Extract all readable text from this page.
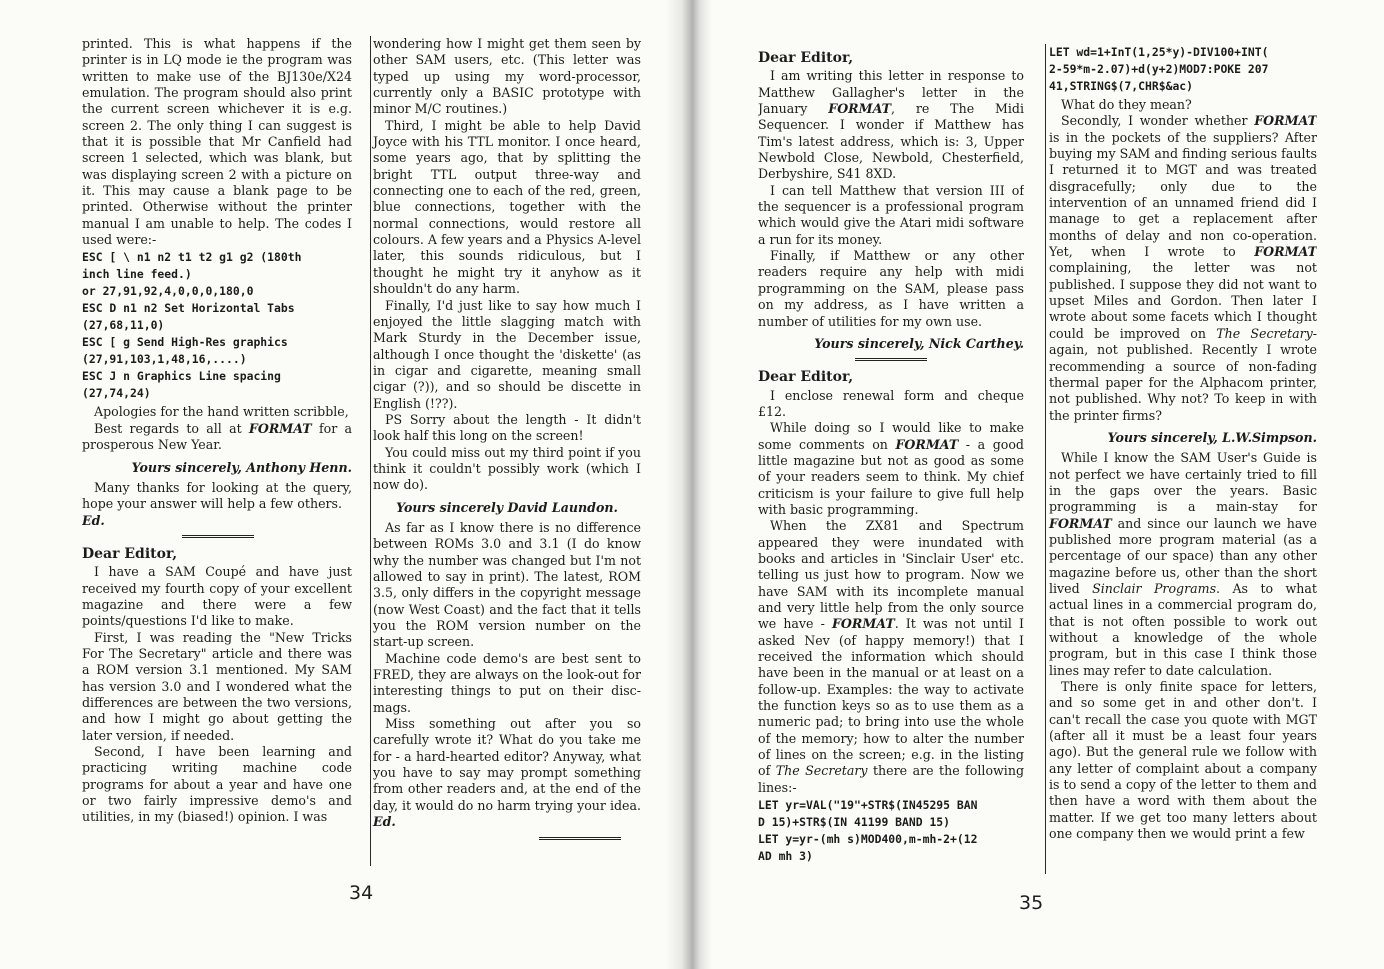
printed. This is what happens if the printer is in LQ mode ie the program was written to make use of the BJ130e/X24 emulation. The program should also print the current screen whichever it is e.g. screen 2. The only thing I can suggest is that it is possible that Mr Canfield had screen 1 selected, which was blank, but was displaying screen 2 with a picture on it. This may cause a blank page to be printed. Otherwise without the printer manual I am unable to help. The codes I used were:-

ESC [ \ n1 n2 t1 t2 g1 g2 (180th
inch line feed.)
or 27,91,92,4,0,0,0,180,0
ESC D n1 n2 Set Horizontal Tabs
(27,68,11,0)
ESC [ g Send High-Res graphics
(27,91,103,1,48,16,....)
ESC J n Graphics Line spacing
(27,74,24)

Apologies for the hand written scribble,

Best regards to all at FORMAT for a prosperous New Year.

Yours sincerely, Anthony Henn.

Many thanks for looking at the query, hope your answer will help a few others.
Ed.

Dear Editor,

I have a SAM Coupé and have just received my fourth copy of your excellent magazine and there were a few points/questions I'd like to make.

First, I was reading the "New Tricks For The Secretary" article and there was a ROM version 3.1 mentioned. My SAM has version 3.0 and I wondered what the differences are between the two versions, and how I might go about getting the later version, if needed.

Second, I have been learning and practicing writing machine code programs for about a year and have one or two fairly impressive demo's and utilities, in my (biased!) opinion. I was

wondering how I might get them seen by other SAM users, etc. (This letter was typed up using my word-processor, currently only a BASIC prototype with minor M/C routines.)

Third, I might be able to help David Joyce with his TTL monitor. I once heard, some years ago, that by splitting the bright TTL output three-way and connecting one to each of the red, green, blue connections, together with the normal connections, would restore all colours. A few years and a Physics A-level later, this sounds ridiculous, but I thought he might try it anyhow as it shouldn't do any harm.

Finally, I'd just like to say how much I enjoyed the little slagging match with Mark Sturdy in the December issue, although I once thought the 'diskette' (as in cigar and cigarette, meaning small cigar (?)), and so should be discette in English (!??).

PS Sorry about the length - It didn't look half this long on the screen!

You could miss out my third point if you think it couldn't possibly work (which I now do).

Yours sincerely David Laundon.

As far as I know there is no difference between ROMs 3.0 and 3.1 (I do know why the number was changed but I'm not allowed to say in print). The latest, ROM 3.5, only differs in the copyright message (now West Coast) and the fact that it tells you the ROM version number on the start-up screen.

Machine code demo's are best sent to FRED, they are always on the look-out for interesting things to put on their disc-mags.

Miss something out after you so carefully wrote it? What do you take me for - a hard-hearted editor? Anyway, what you have to say may prompt something from other readers and, at the end of the day, it would do no harm trying your idea. Ed.

34
Dear Editor,

I am writing this letter in response to Matthew Gallagher's letter in the January FORMAT, re The Midi Sequencer. I wonder if Matthew has Tim's latest address, which is: 3, Upper Newbold Close, Newbold, Chesterfield, Derbyshire, S41 8XD.

I can tell Matthew that version III of the sequencer is a professional program which would give the Atari midi software a run for its money.

Finally, if Matthew or any other readers require any help with midi programming on the SAM, please pass on my address, as I have written a number of utilities for my own use.

Yours sincerely, Nick Carthey.
Dear Editor,

I enclose renewal form and cheque £12.

While doing so I would like to make some comments on FORMAT - a good little magazine but not as good as some of your readers seem to think. My chief criticism is your failure to give full help with basic programming.

When the ZX81 and Spectrum appeared they were inundated with books and articles in 'Sinclair User' etc. telling us just how to program. Now we have SAM with its incomplete manual and very little help from the only source we have - FORMAT. It was not until I asked Nev (of happy memory!) that I received the information which should have been in the manual or at least on a follow-up. Examples: the way to activate the function keys so as to use them as a numeric pad; to bring into use the whole of the memory; how to alter the number of lines on the screen; e.g. in the listing of The Secretary there are the following lines:-

LET yr=VAL("19"+STR$(IN45295 BAN
D 15)+STR$(IN 41199 BAND 15)
LET y=yr-(mh s)MOD400,m-mh-2+(12
AD mh 3)
LET wd=1+InT(1,25*y)-DIV100+INT(
2-59*m-2.07)+d(y+2)MOD7:POKE 207
41,STRING$(7,CHR$&ac)

What do they mean?

Secondly, I wonder whether FORMAT is in the pockets of the suppliers? After buying my SAM and finding serious faults I returned it to MGT and was treated disgracefully; only due to the intervention of an unnamed friend did I manage to get a replacement after months of delay and non co-operation. Yet, when I wrote to FORMAT complaining, the letter was not published. I suppose they did not want to upset Miles and Gordon. Then later I wrote about some facets which I thought could be improved on The Secretary- again, not published. Recently I wrote recommending a source of non-fading thermal paper for the Alphacom printer, not published. Why not? To keep in with the printer firms?

Yours sincerely, L.W.Simpson.

While I know the SAM User's Guide is not perfect we have certainly tried to fill in the gaps over the years. Basic programming is a main-stay for FORMAT and since our launch we have published more program material (as a percentage of our space) than any other magazine before us, other than the short lived Sinclair Programs. As to what actual lines in a commercial program do, that is not often possible to work out without a knowledge of the whole program, but in this case I think those lines may refer to date calculation.

There is only finite space for letters, and so some get in and other don't. I can't recall the case you quote with MGT (after all it must be a least four years ago). But the general rule we follow with any letter of complaint about a company is to send a copy of the letter to them and then have a word with them about the matter. If we get too many letters about one company then we would print a few

35
